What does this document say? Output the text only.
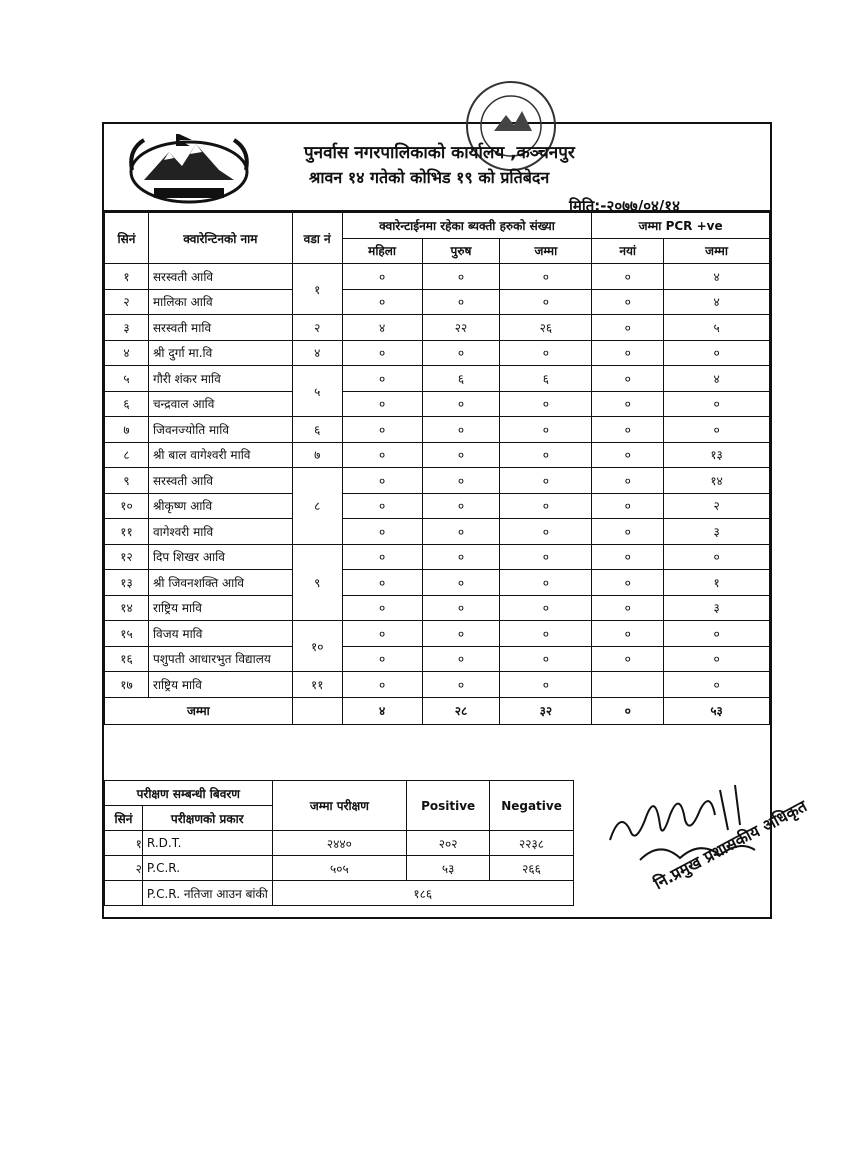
पुनर्वास नगरपालिकाको कार्यालय ,कञ्चनपुर
श्रावन १४ गतेको कोभिड १९ को प्रतिबेदन
मिति:-२०७७/०४/१४
सिनं	क्वारेन्टिनको नाम	वडा नं	क्वारेन्टाईनमा रहेका ब्यक्ती हरुको संख्या			जम्मा PCR +ve	
			महिला	पुरुष	जम्मा	नयां	जम्मा
१	सरस्वती आवि	१	०	०	०	०	४
२	मालिका आवि		०	०	०	०	४
३	सरस्वती मावि	२	४	२२	२६	०	५
४	श्री दुर्गा मा.वि	४	०	०	०	०	०
५	गौरी शंकर मावि	५	०	६	६	०	४
६	चन्द्रवाल आवि		०	०	०	०	०
७	जिवनज्योति मावि	६	०	०	०	०	०
८	श्री बाल वागेश्वरी मावि	७	०	०	०	०	१३
९	सरस्वती आवि	८	०	०	०	०	१४
१०	श्रीकृष्ण आवि		०	०	०	०	२
११	वागेश्वरी मावि		०	०	०	०	३
१२	दिप शिखर आवि	९	०	०	०	०	०
१३	श्री जिवनशक्ति आवि		०	०	०	०	१
१४	राष्ट्रिय मावि		०	०	०	०	३
१५	विजय मावि	१०	०	०	०	०	०
१६	पशुपती आधारभुत विद्यालय		०	०	०	०	०
१७	राष्ट्रिय मावि	११	०	०	०		०
जम्मा			४	२८	३२	०	५३
परीक्षण सम्बन्धी बिवरण		जम्मा परीक्षण	Positive	Negative
सिनं	परीक्षणको प्रकार			
१	R.D.T.	२४४०	२०२	२२३८
२	P.C.R.	५०५	५३	२६६
	P.C.R. नतिजा आउन बांकी	१८६		
नि.प्रमुख प्रशासकीय अधिकृत
